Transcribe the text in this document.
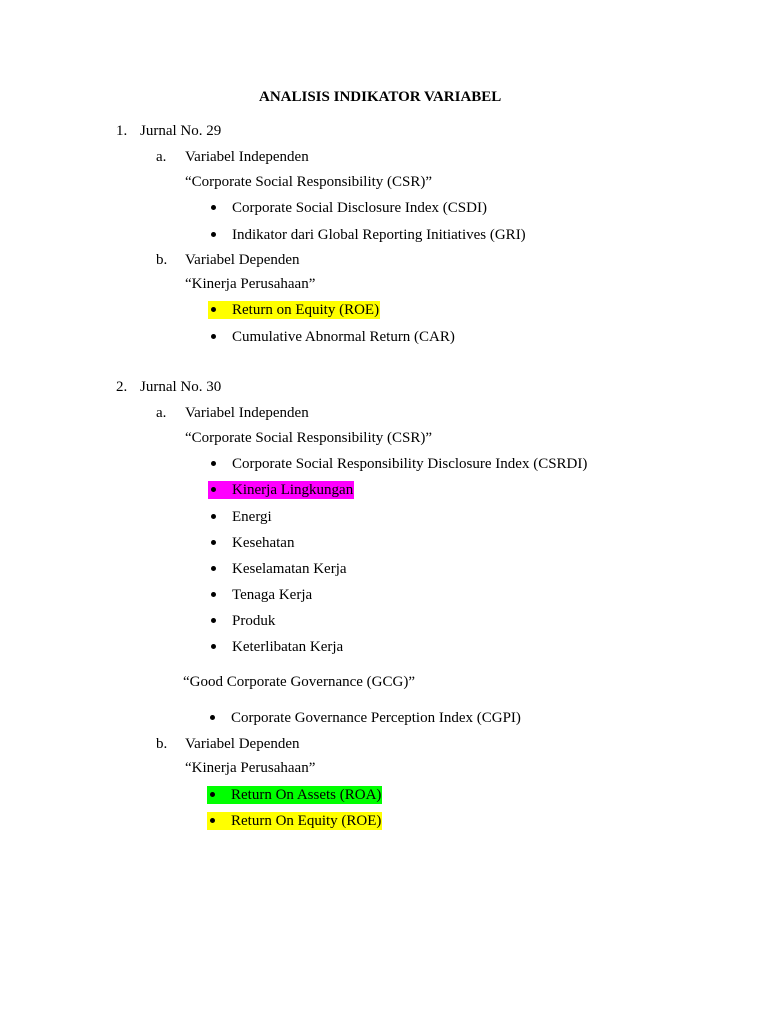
ANALISIS INDIKATOR VARIABEL
1. Jurnal No. 29
a. Variabel Independen
“Corporate Social Responsibility (CSR)”
Corporate Social Disclosure Index (CSDI)
Indikator dari Global Reporting Initiatives (GRI)
b. Variabel Dependen
“Kinerja Perusahaan”
Return on Equity (ROE)
Cumulative Abnormal Return (CAR)
2. Jurnal No. 30
a. Variabel Independen
“Corporate Social Responsibility (CSR)”
Corporate Social Responsibility Disclosure Index (CSRDI)
Kinerja Lingkungan
Energi
Kesehatan
Keselamatan Kerja
Tenaga Kerja
Produk
Keterlibatan Kerja
“Good Corporate Governance (GCG)”
Corporate Governance Perception Index (CGPI)
b. Variabel Dependen
“Kinerja Perusahaan”
Return On Assets (ROA)
Return On Equity (ROE)
